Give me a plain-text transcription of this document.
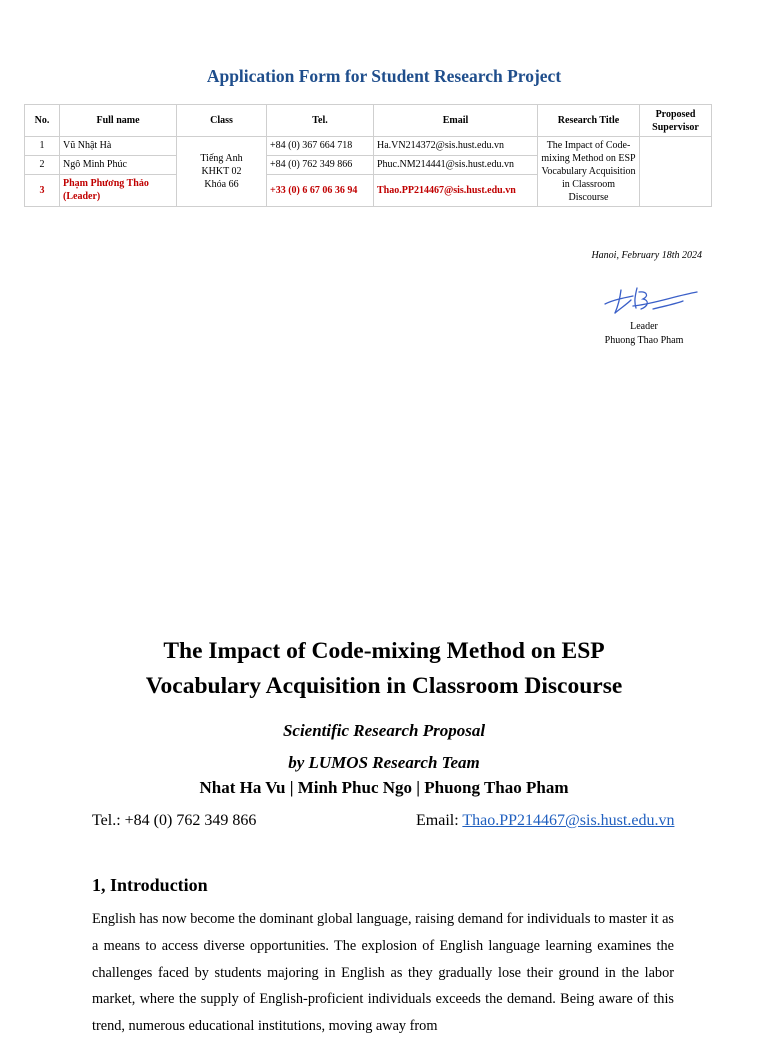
Application Form for Student Research Project
No.	Full name	Class	Tel.	Email	Research Title	Proposed Supervisor
1	Vũ Nhật Hà	Tiếng Anh KHKT 02 Khóa 66	+84 (0) 367 664 718	Ha.VN214372@sis.hust.edu.vn	The Impact of Code-mixing Method on ESP Vocabulary Acquisition in Classroom Discourse	
2	Ngô Minh Phúc		+84 (0) 762 349 866	Phuc.NM214441@sis.hust.edu.vn		
3	Phạm Phương Thảo (Leader)		+33 (0) 6 67 06 36 94	Thao.PP214467@sis.hust.edu.vn		
Hanoi, February 18th 2024
Leader
Phuong Thao Pham
The Impact of Code-mixing Method on ESP
Vocabulary Acquisition in Classroom Discourse
Scientific Research Proposal
by LUMOS Research Team
Nhat Ha Vu | Minh Phuc Ngo | Phuong Thao Pham
Tel.: +84 (0) 762 349 866	Email: Thao.PP214467@sis.hust.edu.vn
1, Introduction
English has now become the dominant global language, raising demand for individuals to master it as a means to access diverse opportunities. The explosion of English language learning examines the challenges faced by students majoring in English as they gradually lose their ground in the labor market, where the supply of English-proficient individuals exceeds the demand. Being aware of this trend, numerous educational institutions, moving away from
